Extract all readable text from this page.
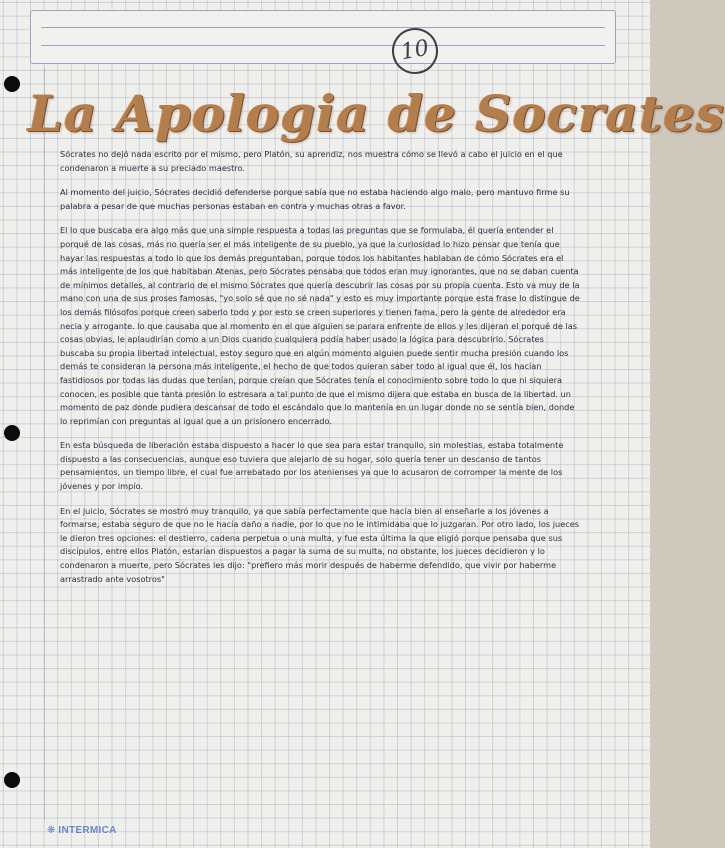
10
La Apologia de Socrates

Sócrates no dejó nada escrito por el mismo, pero Platón, su aprendiz, nos muestra cómo se llevó a cabo el juicio en el que condenaron a muerte a su preciado maestro.

Al momento del juicio, Sócrates decidió defenderse porque sabía que no estaba haciendo algo malo, pero mantuvo firme su palabra a pesar de que muchas personas estaban en contra y muchas otras a favor.

El lo que buscaba era algo más que una simple respuesta a todas las preguntas que se formulaba, él quería entender el porqué de las cosas, más no quería ser el más inteligente de su pueblo, ya que la curiosidad lo hizo pensar que tenía que hayar las respuestas a todo lo que los demás preguntaban, porque todos los habitantes hablaban de cómo Sócrates era el más inteligente de los que habitaban Atenas, pero Sócrates pensaba que todos eran muy ignorantes, que no se daban cuenta de mínimos detalles, al contrario de el mismo Sócrates que quería descubrir las cosas por su propia cuenta. Esto va muy de la mano con una de sus proses famosas, "yo solo sé que no sé nada" y esto es muy importante porque esta frase lo distingue de los demás filósofos porque creen saberlo todo y por esto se creen superiores y tienen fama, pero la gente de alrededor era necia y arrogante. lo que causaba que al momento en el que alguien se parara enfrente de ellos y les dijeran el porqué de las cosas obvias, le aplaudirían como a un Dios cuando cualquiera podía haber usado la lógica para descubrirlo. Sócrates buscaba su propia libertad intelectual, estoy seguro que en algún momento alguien puede sentir mucha presión cuando los demás te consideran la persona más inteligente, el hecho de que todos quieran saber todo al igual que él, los hacían fastidiosos por todas las dudas que tenían, porque creían que Sócrates tenía el conocimiento sobre todo lo que ni siquiera conocen, es posible que tanta presión lo estresara a tal punto de que el mismo dijera que estaba en busca de la libertad. un momento de paz donde pudiera descansar de todo el escándalo que lo mantenía en un lugar donde no se sentía bien, donde lo reprimían con preguntas al igual que a un prisionero encerrado.

En esta búsqueda de liberación estaba dispuesto a hacer lo que sea para estar tranquilo, sin molestias, estaba totalmente dispuesto a las consecuencias, aunque eso tuviera que alejarlo de su hogar, solo quería tener un descanso de tantos pensamientos, un tiempo libre, el cual fue arrebatado por los atenienses ya que lo acusaron de corromper la mente de los jóvenes y por impío.

En el juicio, Sócrates se mostró muy tranquilo, ya que sabía perfectamente que hacía bien al enseñarle a los jóvenes a formarse, estaba seguro de que no le hacía daño a nadie, por lo que no le intimidaba que lo juzgaran. Por otro lado, los jueces le dieron tres opciones: el destierro, cadena perpetua o una multa, y fue esta última la que eligió porque pensaba que sus discípulos, entre ellos Platón, estarían dispuestos a pagar la suma de su multa, no obstante, los jueces decidieron y lo condenaron a muerte, pero Sócrates les dijo: "prefiero más morir después de haberme defendido, que vivir por haberme arrastrado ante vosotros"

❋ INTERMICA
